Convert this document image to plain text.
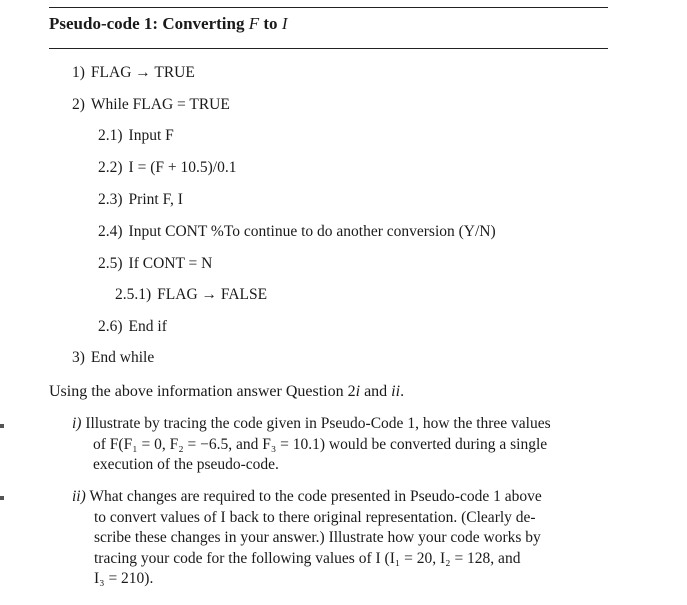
Pseudo-code 1: Converting F to I
1) FLAG → TRUE
2) While FLAG = TRUE
2.1) Input F
2.2) I = (F + 10.5)/0.1
2.3) Print F, I
2.4) Input CONT %To continue to do another conversion (Y/N)
2.5) If CONT = N
2.5.1) FLAG → FALSE
2.6) End if
3) End while
Using the above information answer Question 2i and ii.
i) Illustrate by tracing the code given in Pseudo-Code 1, how the three values
of F(F₁ = 0, F₂ = −6.5, and F₃ = 10.1) would be converted during a single
execution of the pseudo-code.
ii) What changes are required to the code presented in Pseudo-code 1 above
to convert values of I back to there original representation. (Clearly de-
scribe these changes in your answer.) Illustrate how your code works by
tracing your code for the following values of I (I₁ = 20, I₂ = 128, and
I₃ = 210).
